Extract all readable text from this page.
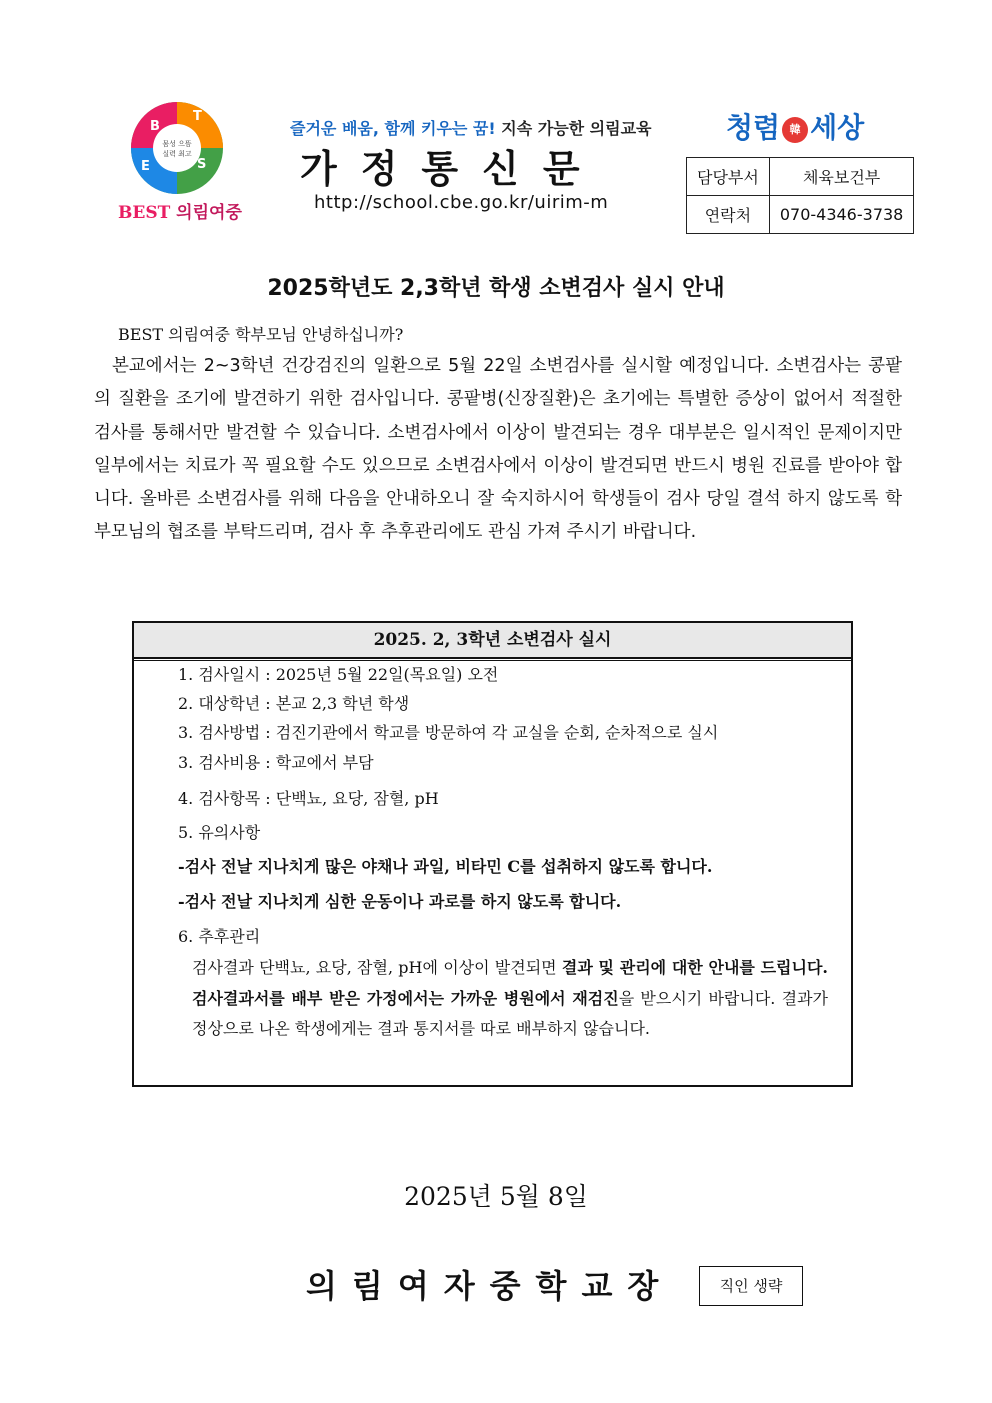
B
T
E	S
몸성 으뜸
실력 최고
BEST 의림여중
즐거운 배움, 함께 키우는 꿈! 지속 가능한 의림교육
가정통신문
http://school.cbe.go.kr/uirim-m
청렴 韓 세상
담당부서	체육보건부
연락처	070-4346-3738
2025학년도 2,3학년 학생 소변검사 실시 안내
BEST 의림여중 학부모님 안녕하십니까?
본교에서는 2~3학년 건강검진의 일환으로 5월 22일 소변검사를 실시할 예정입니다. 소변검사는 콩팥의 질환을 조기에 발견하기 위한 검사입니다. 콩팥병(신장질환)은 초기에는 특별한 증상이 없어서 적절한 검사를 통해서만 발견할 수 있습니다. 소변검사에서 이상이 발견되는 경우 대부분은 일시적인 문제이지만 일부에서는 치료가 꼭 필요할 수도 있으므로 소변검사에서 이상이 발견되면 반드시 병원 진료를 받아야 합니다. 올바른 소변검사를 위해 다음을 안내하오니 잘 숙지하시어 학생들이 검사 당일 결석 하지 않도록 학부모님의 협조를 부탁드리며, 검사 후 추후관리에도 관심 가져 주시기 바랍니다.
2025. 2, 3학년 소변검사 실시
1. 검사일시 : 2025년 5월 22일(목요일) 오전
2. 대상학년 : 본교 2,3 학년 학생
3. 검사방법 : 검진기관에서 학교를 방문하여 각 교실을 순회, 순차적으로 실시
3. 검사비용 : 학교에서 부담
4. 검사항목 : 단백뇨, 요당, 잠혈, pH
5. 유의사항
-검사 전날 지나치게 많은 야채나 과일, 비타민 C를 섭취하지 않도록 합니다.
-검사 전날 지나치게 심한 운동이나 과로를 하지 않도록 합니다.
6. 추후관리
검사결과 단백뇨, 요당, 잠혈, pH에 이상이 발견되면 결과 및 관리에 대한 안내를 드립니다. 검사결과서를 배부 받은 가정에서는 가까운 병원에서 재검진을 받으시기 바랍니다. 결과가 정상으로 나온 학생에게는 결과 통지서를 따로 배부하지 않습니다.
2025년 5월 8일
의림여자중학교장	직인 생략
